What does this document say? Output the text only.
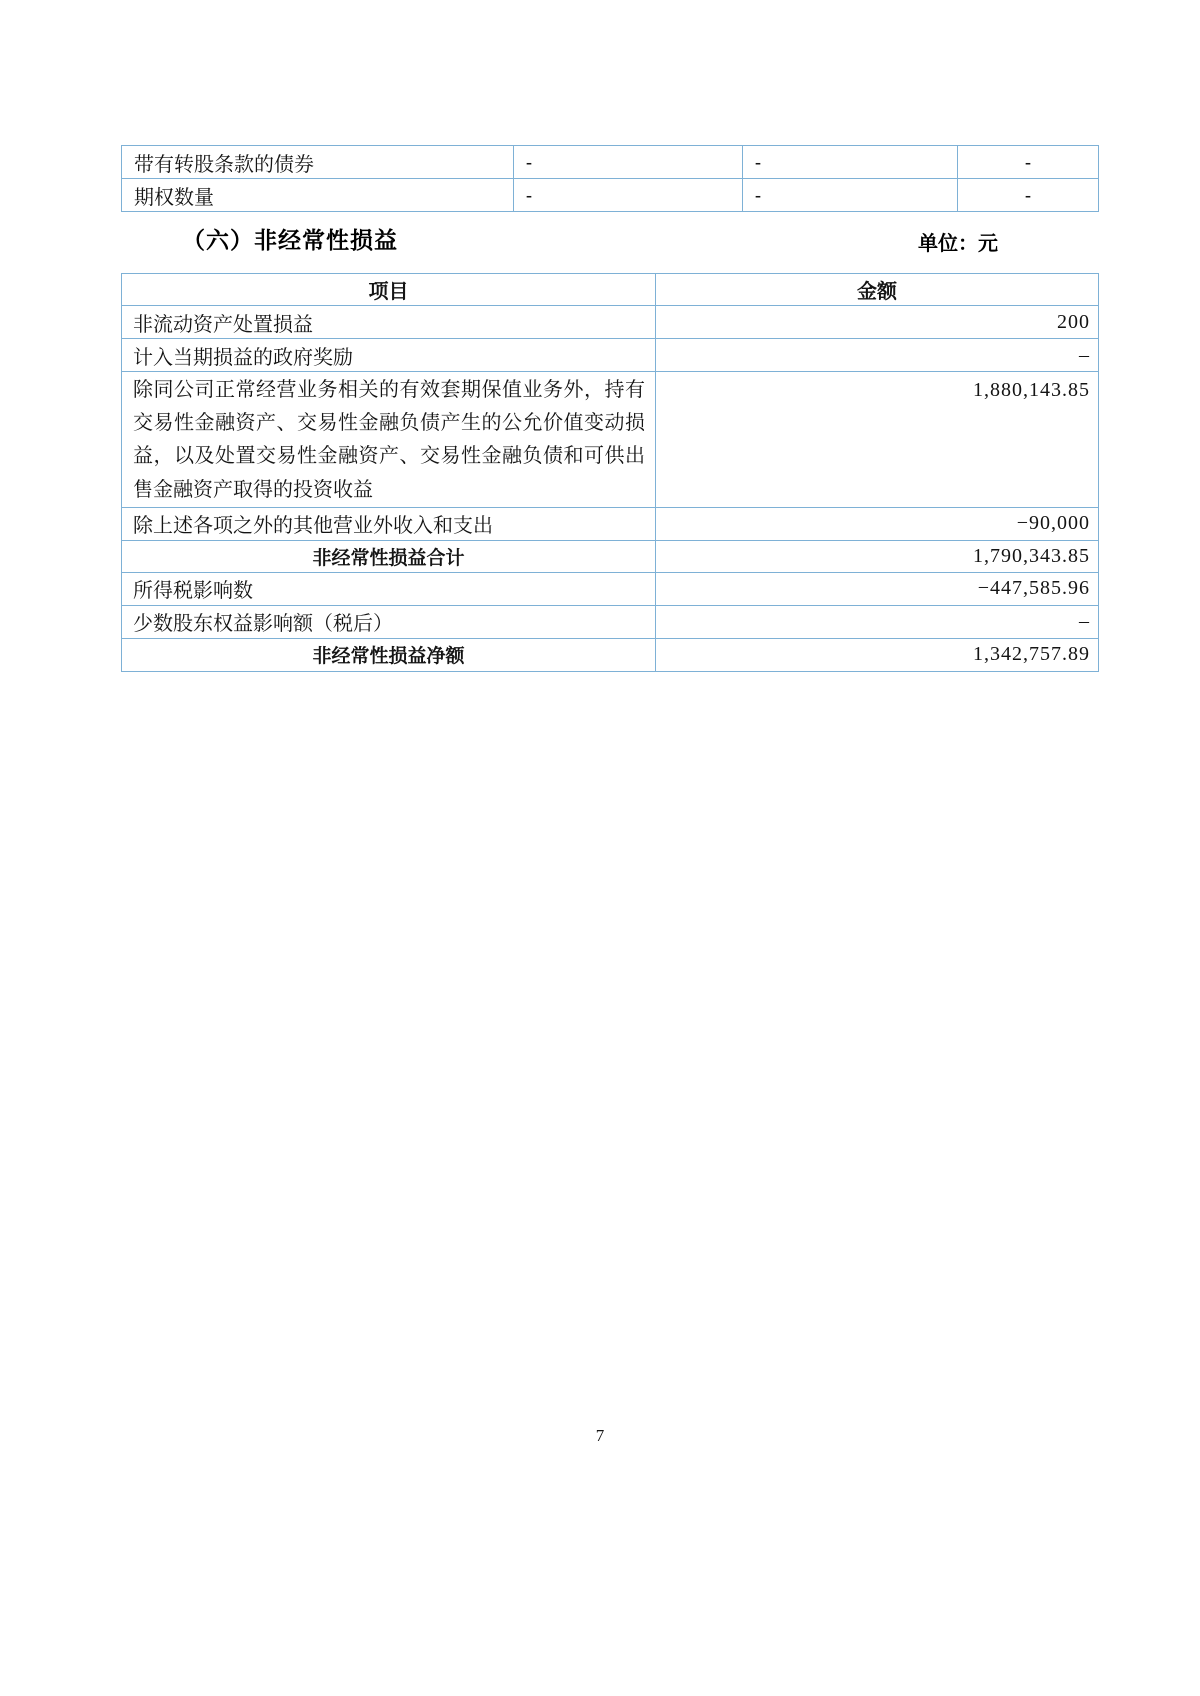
带有转股条款的债券	-	-	-
期权数量	-	-	-
（六）非经常性损益	单位：元
项目	金额
非流动资产处置损益	200
计入当期损益的政府奖励	–

除同公司正常经营业务相关的有效套期保值业务外，持有
交易性金融资产、交易性金融负债产生的公允价值变动损
益，以及处置交易性金融资产、交易性金融负债和可供出
售金融资产取得的投资收益	1,880,143.85
除上述各项之外的其他营业外收入和支出	−90,000
非经常性损益合计	1,790,343.85
所得税影响数	−447,585.96
少数股东权益影响额（税后）	–
非经常性损益净额	1,342,757.89
7
